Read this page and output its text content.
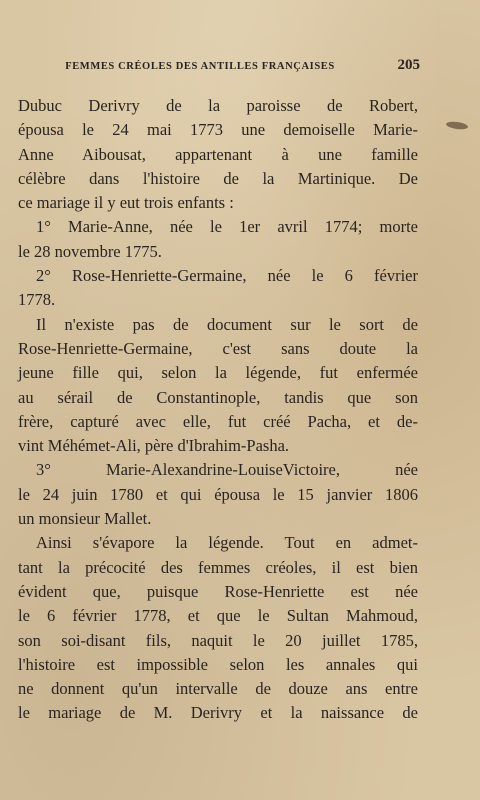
FEMMES CRÉOLES DES ANTILLES FRANÇAISES	205
Dubuc Derivry de la paroisse de Robert,
épousa le 24 mai 1773 une demoiselle Marie-
Anne Aibousat, appartenant à une famille
célèbre dans l'histoire de la Martinique. De
ce mariage il y eut trois enfants :
1° Marie-Anne, née le 1er avril 1774; morte
le 28 novembre 1775.
2° Rose-Henriette-Germaine, née le 6 février
1778.
Il n'existe pas de document sur le sort de
Rose-Henriette-Germaine, c'est sans doute la
jeune fille qui, selon la légende, fut enfermée
au sérail de Constantinople, tandis que son
frère, capturé avec elle, fut créé Pacha, et de-
vint Méhémet-Ali, père d'Ibrahim-Pasha.
3° Marie-Alexandrine-LouiseVictoire, née
le 24 juin 1780 et qui épousa le 15 janvier 1806
un monsieur Mallet.
Ainsi s'évapore la légende. Tout en admet-
tant la précocité des femmes créoles, il est bien
évident que, puisque Rose-Henriette est née
le 6 février 1778, et que le Sultan Mahmoud,
son soi-disant fils, naquit le 20 juillet 1785,
l'histoire est impossible selon les annales qui
ne donnent qu'un intervalle de douze ans entre
le mariage de M. Derivry et la naissance de
